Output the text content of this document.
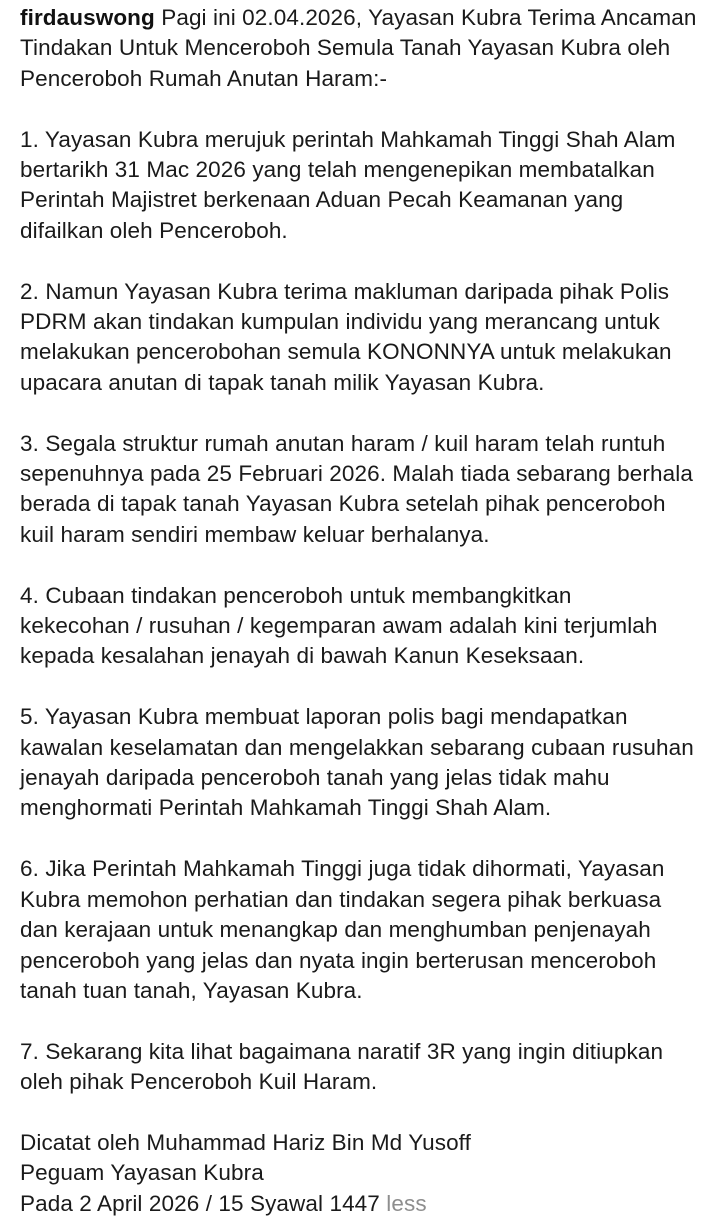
firdauswong Pagi ini 02.04.2026, Yayasan Kubra Terima Ancaman
Tindakan Untuk Menceroboh Semula Tanah Yayasan Kubra oleh
Penceroboh Rumah Anutan Haram:-
1. Yayasan Kubra merujuk perintah Mahkamah Tinggi Shah Alam
bertarikh 31 Mac 2026 yang telah mengenepikan membatalkan
Perintah Majistret berkenaan Aduan Pecah Keamanan yang
difailkan oleh Penceroboh.
2. Namun Yayasan Kubra terima makluman daripada pihak Polis
PDRM akan tindakan kumpulan individu yang merancang untuk
melakukan pencerobohan semula KONONNYA untuk melakukan
upacara anutan di tapak tanah milik Yayasan Kubra.
3. Segala struktur rumah anutan haram / kuil haram telah runtuh
sepenuhnya pada 25 Februari 2026. Malah tiada sebarang berhala
berada di tapak tanah Yayasan Kubra setelah pihak penceroboh
kuil haram sendiri membaw keluar berhalanya.
4. Cubaan tindakan penceroboh untuk membangkitkan
kekecohan / rusuhan / kegemparan awam adalah kini terjumlah
kepada kesalahan jenayah di bawah Kanun Keseksaan.
5. Yayasan Kubra membuat laporan polis bagi mendapatkan
kawalan keselamatan dan mengelakkan sebarang cubaan rusuhan
jenayah daripada penceroboh tanah yang jelas tidak mahu
menghormati Perintah Mahkamah Tinggi Shah Alam.
6. Jika Perintah Mahkamah Tinggi juga tidak dihormati, Yayasan
Kubra memohon perhatian dan tindakan segera pihak berkuasa
dan kerajaan untuk menangkap dan menghumban penjenayah
penceroboh yang jelas dan nyata ingin berterusan menceroboh
tanah tuan tanah, Yayasan Kubra.
7. Sekarang kita lihat bagaimana naratif 3R yang ingin ditiupkan
oleh pihak Penceroboh Kuil Haram.
Dicatat oleh Muhammad Hariz Bin Md Yusoff
Peguam Yayasan Kubra
Pada 2 April 2026 / 15 Syawal 1447 less
